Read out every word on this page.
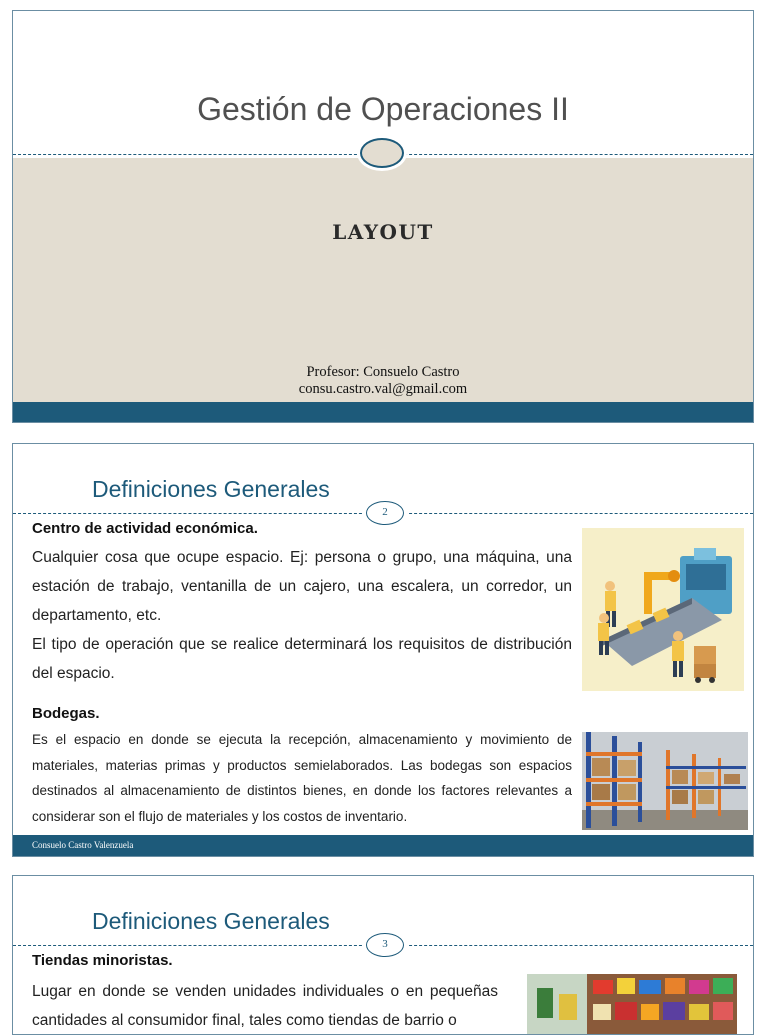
Gestión de Operaciones II
LAYOUT
Profesor: Consuelo Castro
consu.castro.val@gmail.com
Definiciones Generales
2
Centro de actividad económica.

Cualquier cosa que ocupe espacio. Ej: persona o grupo, una máquina, una estación de trabajo, ventanilla de un cajero, una escalera, un corredor, un departamento, etc.

El tipo de operación que se realice determinará los requisitos de distribución del espacio.

Bodegas.

Es el espacio en donde se ejecuta la recepción, almacenamiento y movimiento de materiales, materias primas y productos semielaborados. Las bodegas son espacios destinados al almacenamiento de distintos bienes, en donde los factores relevantes a considerar son el flujo de materiales y los costos de inventario.

Consuelo Castro Valenzuela
Definiciones Generales
3
Tiendas minoristas.

Lugar en donde se venden unidades individuales o en pequeñas cantidades al consumidor final, tales como tiendas de barrio o
